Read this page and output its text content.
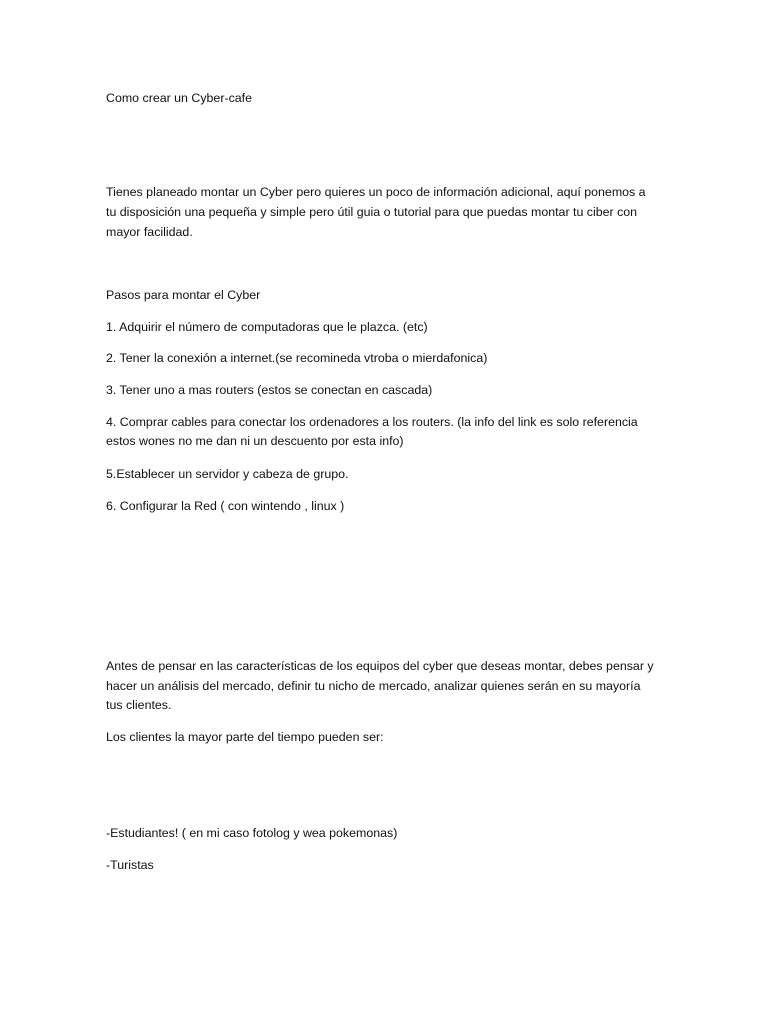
Como crear un Cyber-cafe
Tienes planeado montar un Cyber pero quieres un poco de información adicional, aquí ponemos a
tu disposición una pequeña y simple pero útil guia o tutorial para que puedas montar tu ciber con
mayor facilidad.
Pasos para montar el Cyber
1. Adquirir el número de computadoras que le plazca. (etc)
2. Tener la conexión a internet.(se recomineda vtroba o mierdafonica)
3. Tener uno a mas routers (estos se conectan en cascada)
4. Comprar cables para conectar los ordenadores a los routers. (la info del link es solo referencia
estos wones no me dan ni un descuento por esta info)
5.Establecer un servidor y cabeza de grupo.
6. Configurar la Red ( con wintendo , linux )
Antes de pensar en las características de los equipos del cyber que deseas montar, debes pensar y
hacer un análisis del mercado, definir tu nicho de mercado, analizar quienes serán en su mayoría
tus clientes.
Los clientes la mayor parte del tiempo pueden ser:
-Estudiantes! ( en mi caso fotolog y wea pokemonas)
-Turistas
